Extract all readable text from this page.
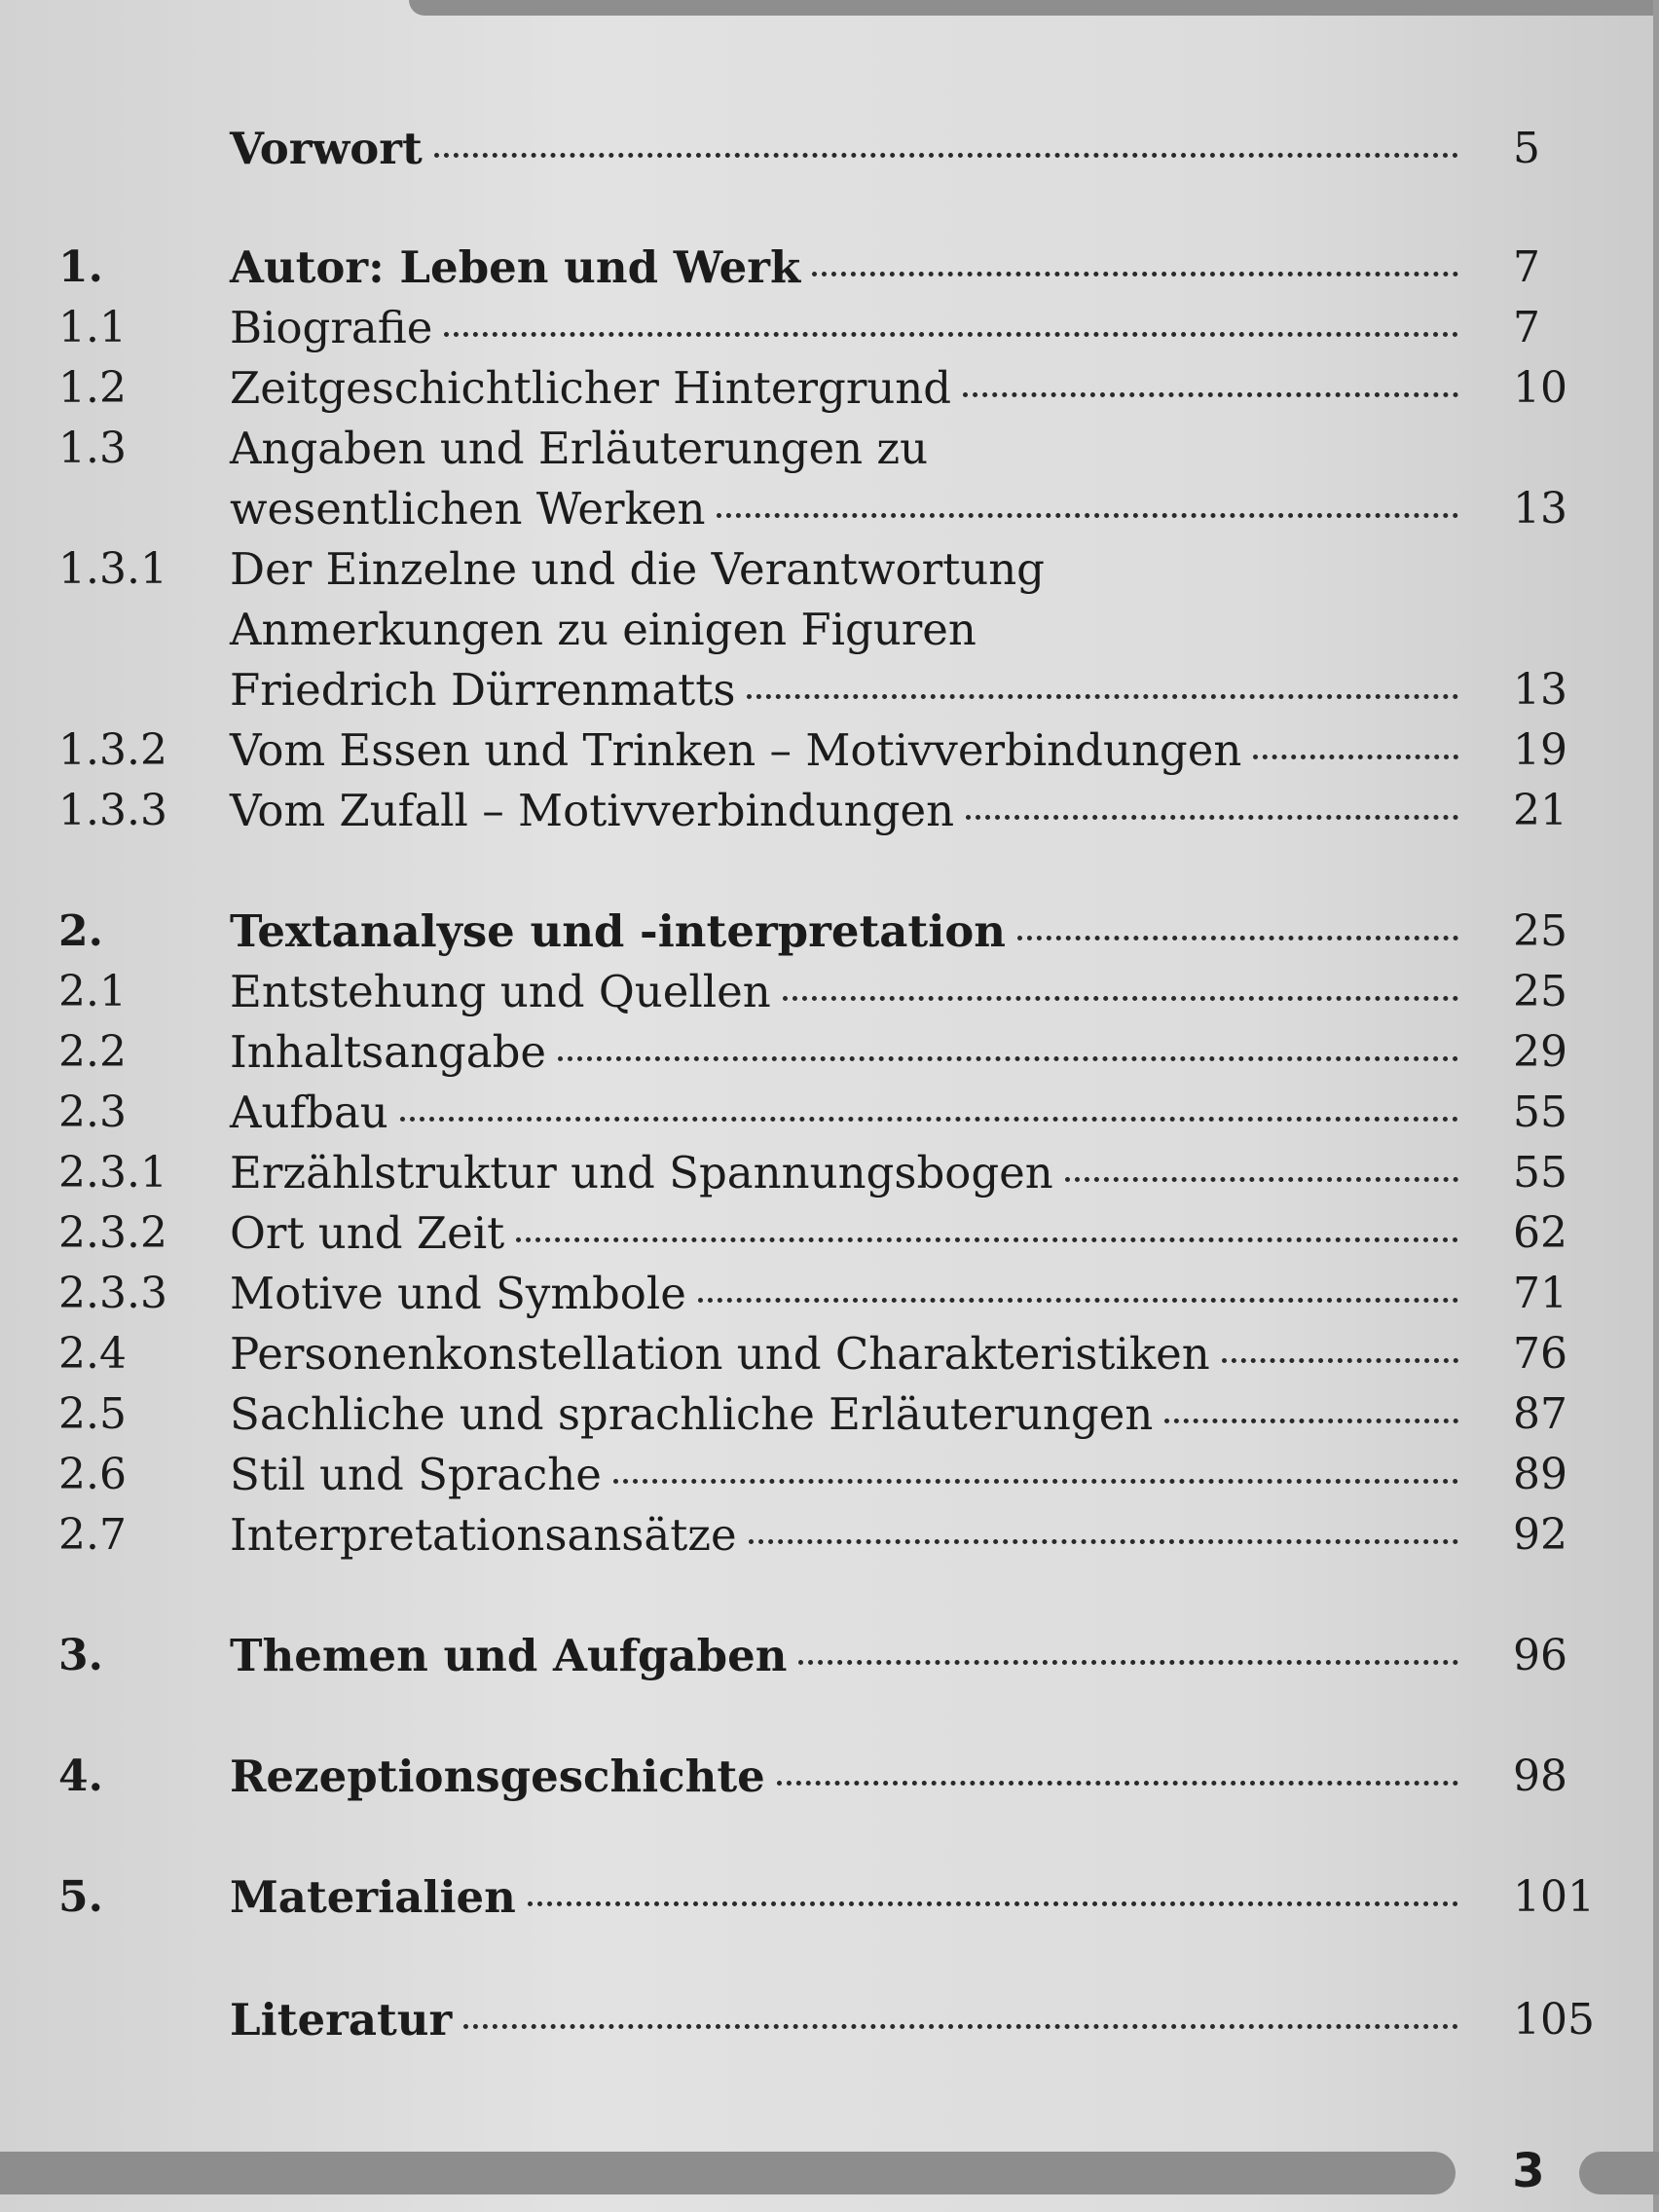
Vorwort	5
1.	Autor: Leben und Werk	7
1.1	Biografie	7
1.2	Zeitgeschichtlicher Hintergrund	10
1.3	Angaben und Erläuterungen zu
wesentlichen Werken	13
1.3.1	Der Einzelne und die Verantwortung
Anmerkungen zu einigen Figuren
Friedrich Dürrenmatts	13
1.3.2	Vom Essen und Trinken – Motivverbindungen	19
1.3.3	Vom Zufall – Motivverbindungen	21
2.	Textanalyse und -interpretation	25
2.1	Entstehung und Quellen	25
2.2	Inhaltsangabe	29
2.3	Aufbau	55
2.3.1	Erzählstruktur und Spannungsbogen	55
2.3.2	Ort und Zeit	62
2.3.3	Motive und Symbole	71
2.4	Personenkonstellation und Charakteristiken	76
2.5	Sachliche und sprachliche Erläuterungen	87
2.6	Stil und Sprache	89
2.7	Interpretationsansätze	92
3.	Themen und Aufgaben	96
4.	Rezeptionsgeschichte	98
5.	Materialien	101
Literatur	105
3
